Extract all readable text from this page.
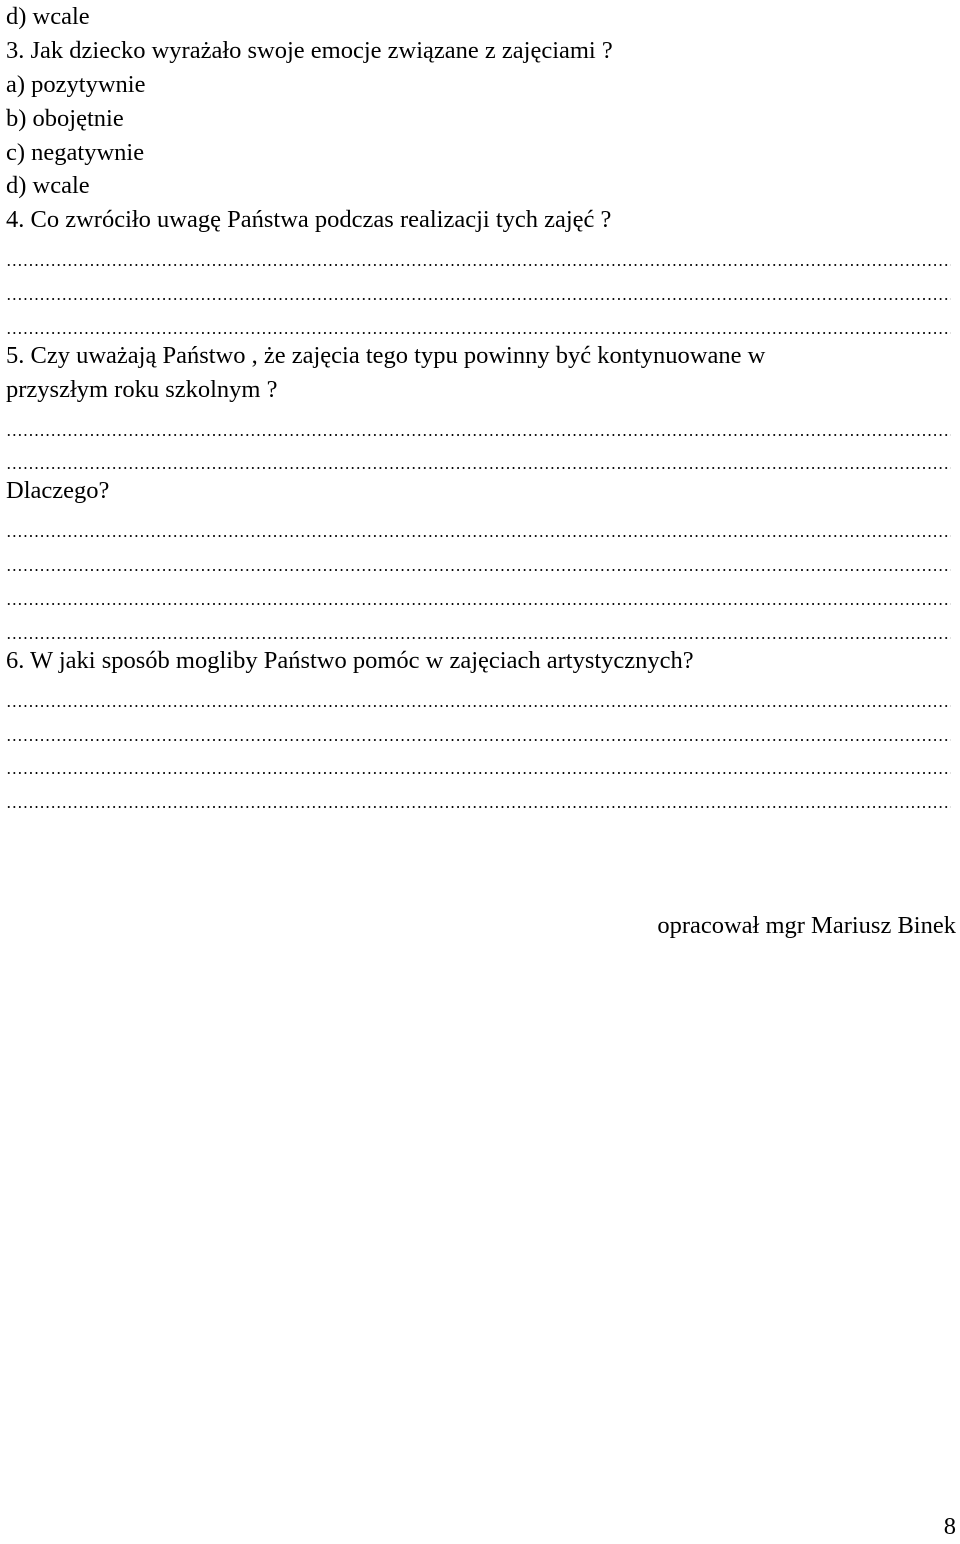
d) wcale
3. Jak dziecko wyrażało swoje emocje związane z zajęciami ?
a) pozytywnie
b) obojętnie
c) negatywnie
d) wcale
4. Co zwróciło uwagę Państwa podczas realizacji tych zajęć ?
5. Czy uważają Państwo , że zajęcia tego typu powinny być kontynuowane w
przyszłym roku szkolnym ?
Dlaczego?
6. W jaki sposób mogliby Państwo pomóc w zajęciach artystycznych?
opracował mgr Mariusz Binek
8
